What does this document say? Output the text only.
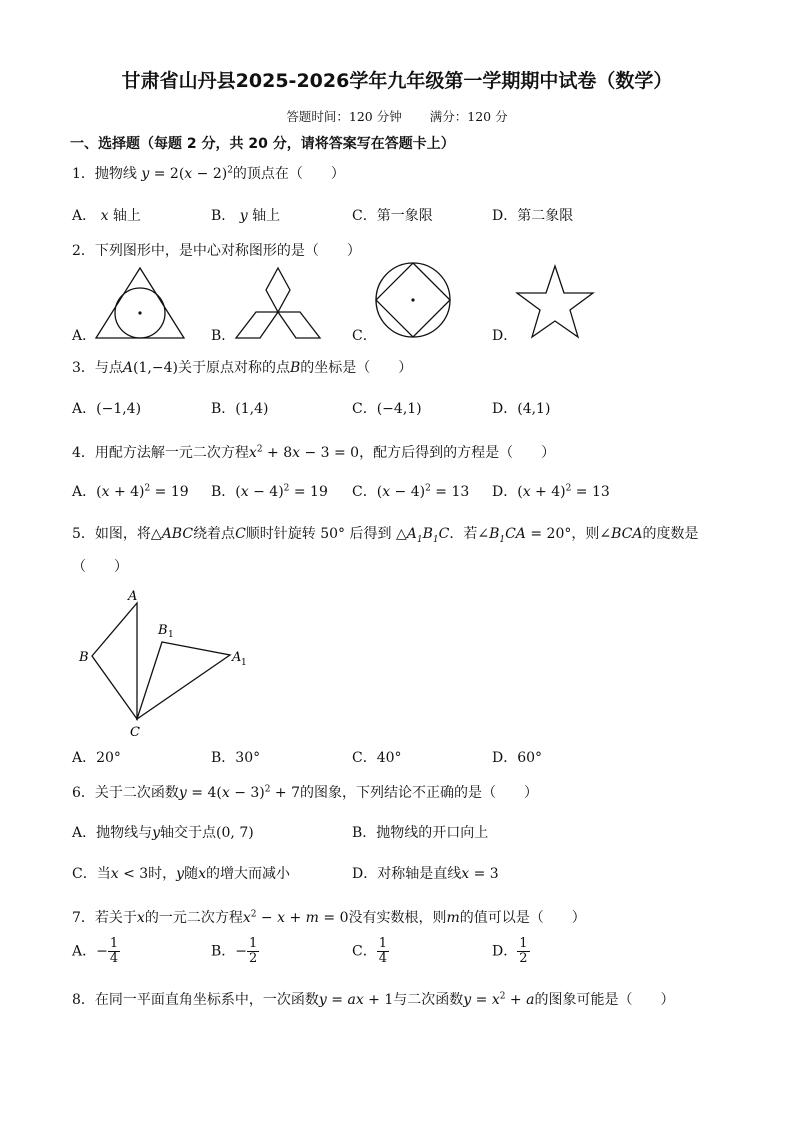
甘肃省山丹县2025-2026学年九年级第一学期期中试卷（数学）
答题时间：120 分钟 满分：120 分
一、选择题（每题 2 分，共 20 分，请将答案写在答题卡上）
1．抛物线 $y = 2(x - 2)^2$的顶点在（　　）
A． x 轴上	B． y 轴上	C．第一象限	D．第二象限
2．下列图形中，是中心对称图形的是（　　）
A．	B．	C．	D．
3．与点A(1,−4)关于原点对称的点B的坐标是（　　）
A．(−1,4)	B．(1,4)	C．(−4,1)	D．(4,1)
4．用配方法解一元二次方程$x^2 + 8x - 3 = 0$，配方后得到的方程是（　　）
A．$(x + 4)^2 = 19$ B．$(x - 4)^2 = 19$ C．$(x - 4)^2 = 13$ D．$(x + 4)^2 = 13$
5．如图，将△ABC绕着点C顺时针旋转 50° 后得到 $\triangle A_1B_1C$．若$\angle B_1CA = 20^\circ$，则∠BCA的度数是
（　　）
A
B
C
B 1
A 1
A．20°	B．30°	C．40°	D．60°
6．关于二次函数$y = 4(x - 3)^2 + 7$的图象，下列结论不正确的是（　　）
A．抛物线与y轴交于点(0, 7)	B．抛物线的开口向上
C．当x < 3时，y随x的增大而减小	D．对称轴是直线x = 3
7．若关于x的一元二次方程$x^2 - x + m = 0$没有实数根，则m的值可以是（　　）
A．− $\frac{1}{4}$	B．− $\frac{1}{2}$	C． $\frac{1}{4}$	D． $\frac{1}{2}$
8．在同一平面直角坐标系中，一次函数y = ax + 1与二次函数$y = x^2 + a$的图象可能是（　　）
